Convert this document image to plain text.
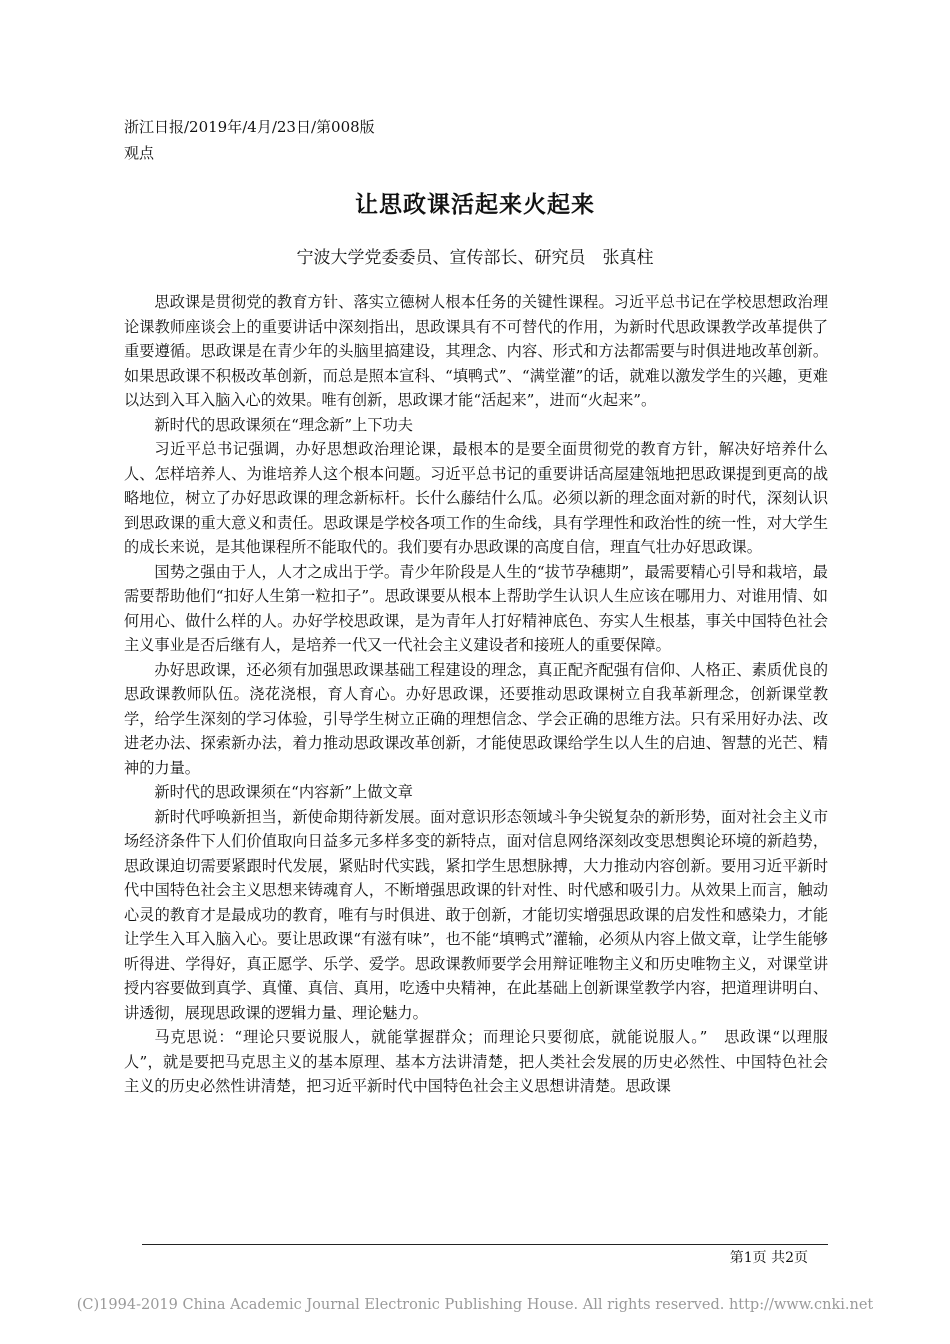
浙江日报/2019年/4月/23日/第008版
观点
让思政课活起来火起来
宁波大学党委委员、宣传部长、研究员　张真柱

思政课是贯彻党的教育方针、落实立德树人根本任务的关键性课程。习近平总书记在学校思想政治理论课教师座谈会上的重要讲话中深刻指出，思政课具有不可替代的作用，为新时代思政课教学改革提供了重要遵循。思政课是在青少年的头脑里搞建设，其理念、内容、形式和方法都需要与时俱进地改革创新。如果思政课不积极改革创新，而总是照本宣科、“填鸭式”、“满堂灌”的话，就难以激发学生的兴趣，更难以达到入耳入脑入心的效果。唯有创新，思政课才能“活起来”，进而“火起来”。

新时代的思政课须在“理念新”上下功夫

习近平总书记强调，办好思想政治理论课，最根本的是要全面贯彻党的教育方针，解决好培养什么人、怎样培养人、为谁培养人这个根本问题。习近平总书记的重要讲话高屋建瓴地把思政课提到更高的战略地位，树立了办好思政课的理念新标杆。长什么藤结什么瓜。必须以新的理念面对新的时代，深刻认识到思政课的重大意义和责任。思政课是学校各项工作的生命线，具有学理性和政治性的统一性，对大学生的成长来说，是其他课程所不能取代的。我们要有办思政课的高度自信，理直气壮办好思政课。

国势之强由于人，人才之成出于学。青少年阶段是人生的“拔节孕穗期”，最需要精心引导和栽培，最需要帮助他们“扣好人生第一粒扣子”。思政课要从根本上帮助学生认识人生应该在哪用力、对谁用情、如何用心、做什么样的人。办好学校思政课，是为青年人打好精神底色、夯实人生根基，事关中国特色社会主义事业是否后继有人，是培养一代又一代社会主义建设者和接班人的重要保障。

办好思政课，还必须有加强思政课基础工程建设的理念，真正配齐配强有信仰、人格正、素质优良的思政课教师队伍。浇花浇根，育人育心。办好思政课，还要推动思政课树立自我革新理念，创新课堂教学，给学生深刻的学习体验，引导学生树立正确的理想信念、学会正确的思维方法。只有采用好办法、改进老办法、探索新办法，着力推动思政课改革创新，才能使思政课给学生以人生的启迪、智慧的光芒、精神的力量。

新时代的思政课须在“内容新”上做文章

新时代呼唤新担当，新使命期待新发展。面对意识形态领域斗争尖锐复杂的新形势，面对社会主义市场经济条件下人们价值取向日益多元多样多变的新特点，面对信息网络深刻改变思想舆论环境的新趋势，思政课迫切需要紧跟时代发展，紧贴时代实践，紧扣学生思想脉搏，大力推动内容创新。要用习近平新时代中国特色社会主义思想来铸魂育人，不断增强思政课的针对性、时代感和吸引力。从效果上而言，触动心灵的教育才是最成功的教育，唯有与时俱进、敢于创新，才能切实增强思政课的启发性和感染力，才能让学生入耳入脑入心。要让思政课“有滋有味”，也不能“填鸭式”灌输，必须从内容上做文章，让学生能够听得进、学得好，真正愿学、乐学、爱学。思政课教师要学会用辩证唯物主义和历史唯物主义，对课堂讲授内容要做到真学、真懂、真信、真用，吃透中央精神，在此基础上创新课堂教学内容，把道理讲明白、讲透彻，展现思政课的逻辑力量、理论魅力。

马克思说：“理论只要说服人，就能掌握群众；而理论只要彻底，就能说服人。”　思政课“以理服人”，就是要把马克思主义的基本原理、基本方法讲清楚，把人类社会发展的历史必然性、中国特色社会主义的历史必然性讲清楚，把习近平新时代中国特色社会主义思想讲清楚。思政课

第1页 共2页
(C)1994-2019 China Academic Journal Electronic Publishing House. All rights reserved. http://www.cnki.net
